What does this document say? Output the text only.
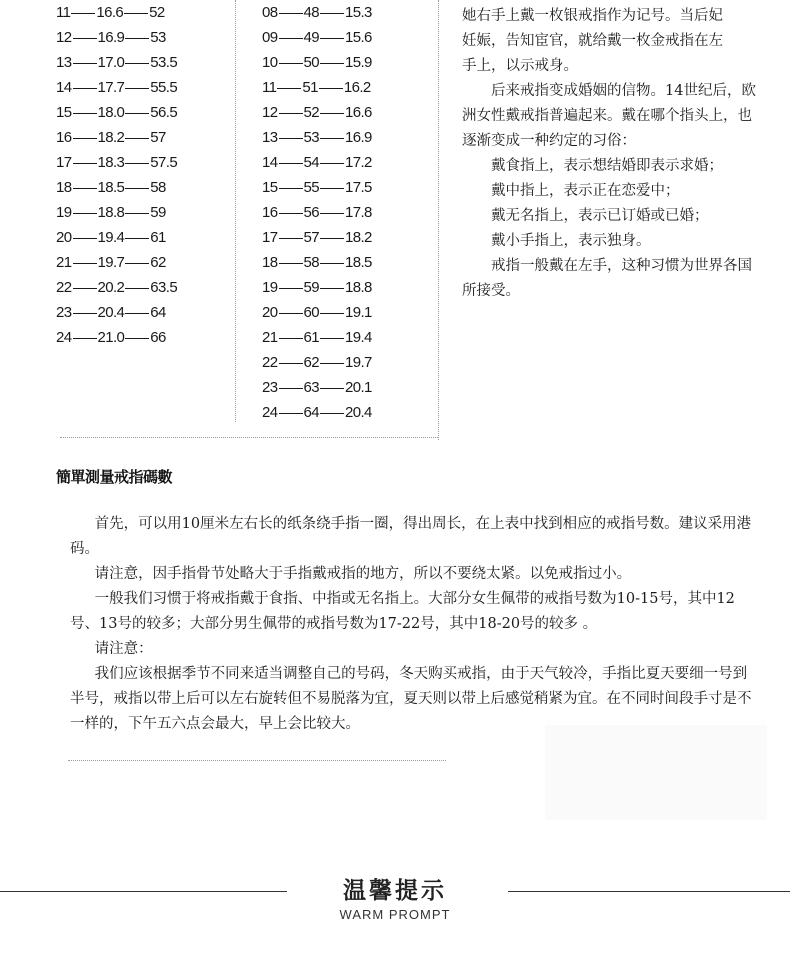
11 16.6 52
12 16.9 53
13 17.0 53.5
14 17.7 55.5
15 18.0 56.5
16 18.2 57
17 18.3 57.5
18 18.5 58
19 18.8 59
20 19.4 61
21 19.7 62
22 20.2 63.5
23 20.4 64
24 21.0 66
08 48 15.3
09 49 15.6
10 50 15.9
11 51 16.2
12 52 16.6
13 53 16.9
14 54 17.2
15 55 17.5
16 56 17.8
17 57 18.2
18 58 18.5
19 59 18.8
20 60 19.1
21 61 19.4
22 62 19.7
23 63 20.1
24 64 20.4

她右手上戴一枚银戒指作为记号。当后妃

妊娠，告知宦官，就给戴一枚金戒指在左

手上，以示戒身。

后来戒指变成婚姻的信物。14世纪后，欧洲女性戴戒指普遍起来。戴在哪个指头上，也逐渐变成一种约定的习俗：

戴食指上，表示想结婚即表示求婚；

戴中指上，表示正在恋爱中；

戴无名指上，表示已订婚或已婚；

戴小手指上，表示独身。

戒指一般戴在左手，这种习惯为世界各国所接受。

簡單測量戒指碼數

首先，可以用10厘米左右长的纸条绕手指一圈，得出周长，在上表中找到相应的戒指号数。建议采用港码。

请注意，因手指骨节处略大于手指戴戒指的地方，所以不要绕太紧。以免戒指过小。

一般我们习惯于将戒指戴于食指、中指或无名指上。大部分女生佩带的戒指号数为10-15号，其中12号、13号的较多；大部分男生佩带的戒指号数为17-22号，其中18-20号的较多 。

请注意：

我们应该根据季节不同来适当调整自己的号码，冬天购买戒指，由于天气较冷，手指比夏天要细一号到半号，戒指以带上后可以左右旋转但不易脱落为宜，夏天则以带上后感觉稍紧为宜。在不同时间段手寸是不一样的，下午五六点会最大，早上会比较大。

温馨提示
WARM PROMPT
